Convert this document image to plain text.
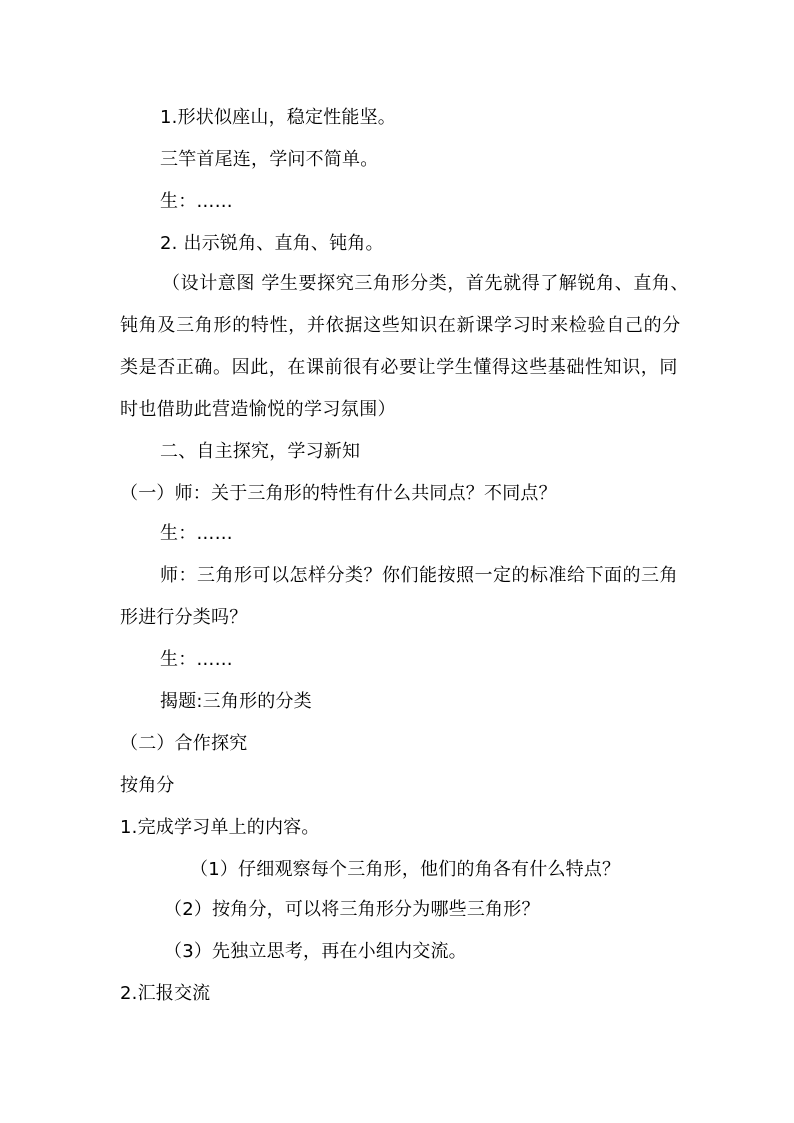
1.形状似座山，稳定性能坚。
三竿首尾连，学问不简单。
生：……
2. 出示锐角、直角、钝角。
（设计意图 学生要探究三角形分类，首先就得了解锐角、直角、
钝角及三角形的特性，并依据这些知识在新课学习时来检验自己的分
类是否正确。因此，在课前很有必要让学生懂得这些基础性知识，同
时也借助此营造愉悦的学习氛围）
二、自主探究，学习新知
（一）师：关于三角形的特性有什么共同点？不同点？
生：……
师：三角形可以怎样分类？你们能按照一定的标准给下面的三角
形进行分类吗？
生：……
揭题:三角形的分类
（二）合作探究
按角分
1.完成学习单上的内容。
（1）仔细观察每个三角形，他们的角各有什么特点？
（2）按角分，可以将三角形分为哪些三角形？
（3）先独立思考，再在小组内交流。
2.汇报交流
